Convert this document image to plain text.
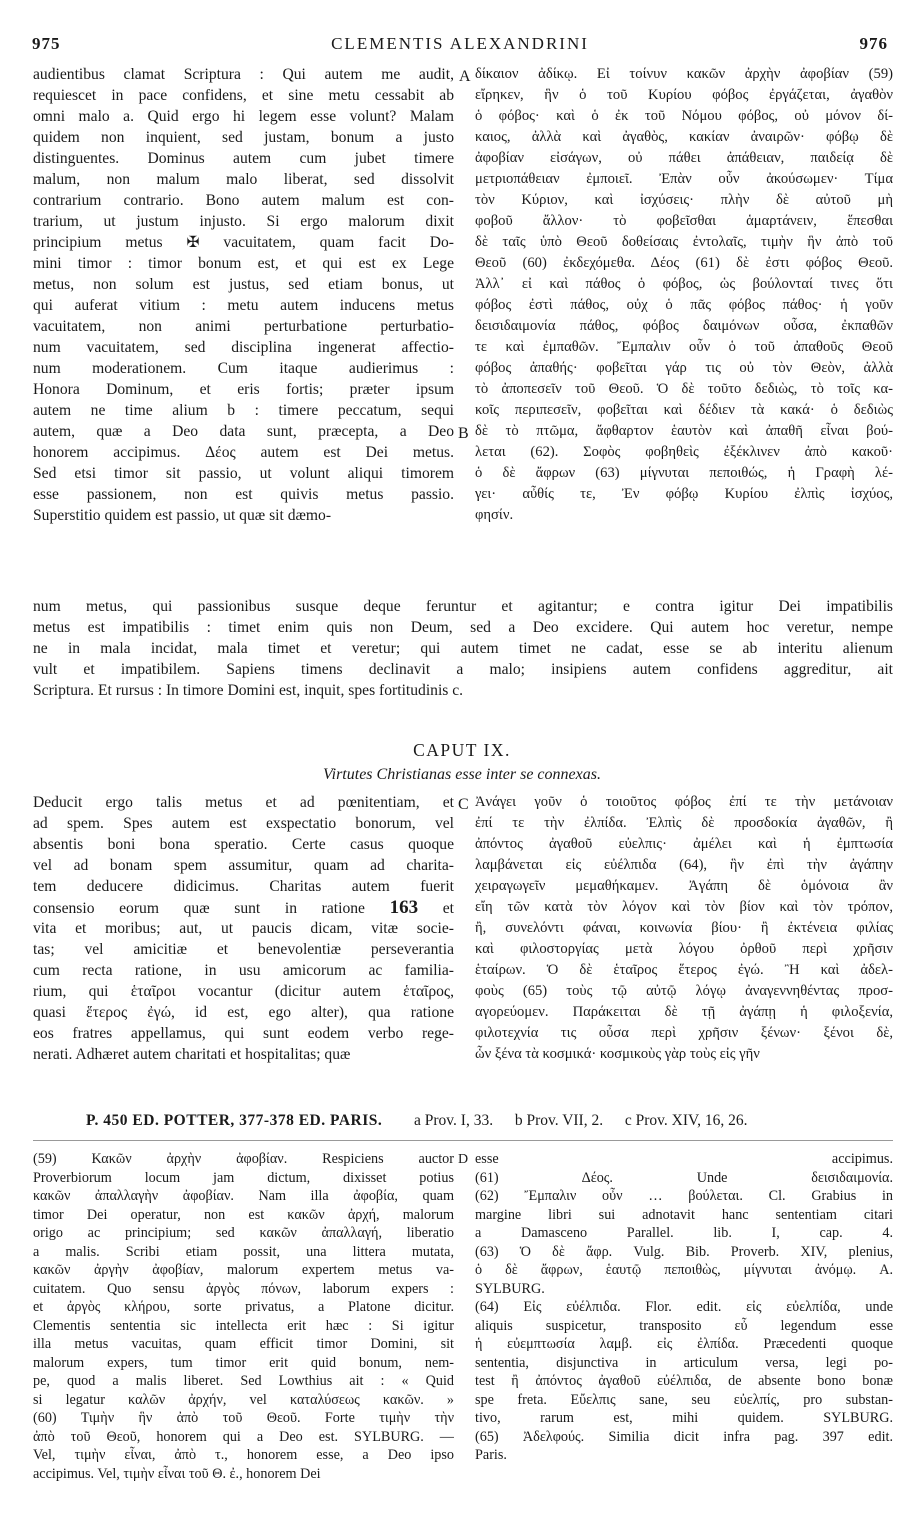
CLEMENTIS ALEXANDRINI
975	976
audientibus clamat Scriptura : Qui autem me audit,
requiescet in pace confidens, et sine metu cessabit ab
omni malo a. Quid ergo hi legem esse volunt? Malam
quidem non inquient, sed justam, bonum a justo
distinguentes. Dominus autem cum jubet timere
malum, non malum malo liberat, sed dissolvit
contrarium contrario. Bono autem malum est con-
trarium, ut justum injusto. Si ergo malorum dixit
principium metus ✠ vacuitatem, quam facit Do-
mini timor : timor bonum est, et qui est ex Lege
metus, non solum est justus, sed etiam bonus, ut
qui auferat vitium : metu autem inducens metus
vacuitatem, non animi perturbatione perturbatio-
num vacuitatem, sed disciplina ingenerat affectio-
num moderationem. Cum itaque audierimus :
Honora Dominum, et eris fortis; præter ipsum
autem ne time alium b : timere peccatum, sequi
autem, quæ a Deo data sunt, præcepta, a Deo
honorem accipimus. Δέος autem est Dei metus.
Sed etsi timor sit passio, ut volunt aliqui timorem
esse passionem, non est quivis metus passio.
Superstitio quidem est passio, ut quæ sit dæmo-
A δίκαιον ἀδίκῳ. Εἰ τοίνυν κακῶν ἀρχὴν ἀφοβίαν (59)
εἴρηκεν, ἣν ὁ τοῦ Κυρίου φόβος ἐργάζεται, ἀγαθὸν
ὁ φόβος· καὶ ὁ ἐκ τοῦ Νόμου φόβος, οὐ μόνον δί-
καιος, ἀλλὰ καὶ ἀγαθὸς, κακίαν ἀναιρῶν· φόβῳ δὲ
ἀφοβίαν εἰσάγων, οὐ πάθει ἀπάθειαν, παιδείᾳ δὲ
μετριοπάθειαν ἐμποιεῖ. Ἐπὰν οὖν ἀκούσωμεν· Τίμα
τὸν Κύριον, καὶ ἰσχύσεις· πλὴν δὲ αὐτοῦ μὴ
φοβοῦ ἄλλον· τὸ φοβεῖσθαι ἁμαρτάνειν, ἕπεσθαι
δὲ ταῖς ὑπὸ Θεοῦ δοθείσαις ἐντολαῖς, τιμὴν ἣν ἀπὸ τοῦ
Θεοῦ (60) ἐκδεχόμεθα. Δέος (61) δὲ ἐστι φόβος Θεοῦ.
Ἀλλ᾽ εἰ καὶ πάθος ὁ φόβος, ὡς βούλονταί τινες ὅτι
φόβος ἐστὶ πάθος, οὐχ ὁ πᾶς φόβος πάθος· ἡ γοῦν
δεισιδαιμονία πάθος, φόβος δαιμόνων οὖσα, ἐκπαθῶν
τε καὶ ἐμπαθῶν. Ἔμπαλιν οὖν ὁ τοῦ ἀπαθοῦς Θεοῦ
φόβος ἀπαθής· φοβεῖται γάρ τις οὐ τὸν Θεὸν, ἀλλὰ
τὸ ἀποπεσεῖν τοῦ Θεοῦ. Ὁ δὲ τοῦτο δεδιὼς, τὸ τοῖς κα-
κοῖς περιπεσεῖν, φοβεῖται καὶ δέδιεν τὰ κακά· ὁ δεδιὼς
δὲ τὸ πτῶμα, ἄφθαρτον ἑαυτὸν καὶ ἀπαθῆ εἶναι βού-
λεται (62). Σοφὸς φοβηθεὶς ἐξέκλινεν ἀπὸ κακοῦ·
ὁ δὲ ἄφρων (63) μίγνυται πεποιθώς, ἡ Γραφὴ λέ-
γει· αὖθίς τε, Ἐν φόβῳ Κυρίου ἐλπὶς ἰσχύος,
φησίν.
B
num metus, qui passionibus susque deque feruntur et agitantur; e contra igitur Dei impatibilis
metus est impatibilis : timet enim quis non Deum, sed a Deo excidere. Qui autem hoc veretur, nempe
ne in mala incidat, mala timet et veretur; qui autem timet ne cadat, esse se ab interitu alienum
vult et impatibilem. Sapiens timens declinavit a malo; insipiens autem confidens aggreditur, ait
Scriptura. Et rursus : In timore Domini est, inquit, spes fortitudinis c.
CAPUT IX.
Virtutes Christianas esse inter se connexas.
Deducit ergo talis metus et ad pœnitentiam, et
ad spem. Spes autem est exspectatio bonorum, vel
absentis boni bona speratio. Certe casus quoque
vel ad bonam spem assumitur, quam ad charita-
tem deducere didicimus. Charitas autem fuerit
consensio eorum quæ sunt in ratione 163 et
vita et moribus; aut, ut paucis dicam, vitæ socie-
tas; vel amicitiæ et benevolentiæ perseverantia
cum recta ratione, in usu amicorum ac familia-
rium, qui ἑταῖροι vocantur (dicitur autem ἑταῖρος,
quasi ἕτερος ἐγώ, id est, ego alter), qua ratione
eos fratres appellamus, qui sunt eodem verbo rege-
nerati. Adhæret autem charitati et hospitalitas; quæ
C Ἀνάγει γοῦν ὁ τοιοῦτος φόβος ἐπί τε τὴν μετάνοιαν
ἐπί τε τὴν ἐλπίδα. Ἐλπὶς δὲ προσδοκία ἀγαθῶν, ἢ
ἀπόντος ἀγαθοῦ εὐελπις· ἀμέλει καὶ ἡ ἐμπτωσία
λαμβάνεται εἰς εὐέλπιδα (64), ἣν ἐπὶ τὴν ἀγάπην
χειραγωγεῖν μεμαθήκαμεν. Ἀγάπη δὲ ὁμόνοια ἂν
εἴη τῶν κατὰ τὸν λόγον καὶ τὸν βίον καὶ τὸν τρόπον,
ἢ, συνελόντι φάναι, κοινωνία βίου· ἢ ἐκτένεια φιλίας
καὶ φιλοστοργίας μετὰ λόγου ὀρθοῦ περὶ χρῆσιν
ἑταίρων. Ὁ δὲ ἑταῖρος ἕτερος ἐγώ. Ἢ καὶ ἀδελ-
φοὺς (65) τοὺς τῷ αὐτῷ λόγῳ ἀναγεννηθέντας προσ-
αγορεύομεν. Παράκειται δὲ τῇ ἀγάπῃ ἡ φιλοξενία,
φιλοτεχνία τις οὖσα περὶ χρῆσιν ξένων· ξένοι δὲ,
ὧν ξένα τὰ κοσμικά· κοσμικοὺς γὰρ τοὺς εἰς γῆν
P. 450 ED. POTTER, 377-378 ED. PARIS. a Prov. I, 33. b Prov. VII, 2. c Prov. XIV, 16, 26.
(59) Κακῶν ἀρχὴν ἀφοβίαν. Respiciens auctor
Proverbiorum locum jam dictum, dixisset potius
κακῶν ἀπαλλαγὴν ἀφοβίαν. Nam illa ἀφοβία, quam
timor Dei operatur, non est κακῶν ἀρχή, malorum
origo ac principium; sed κακῶν ἀπαλλαγή, liberatio
a malis. Scribi etiam possit, una littera mutata,
κακῶν ἀργὴν ἀφοβίαν, malorum expertem metus va-
cuitatem. Quo sensu ἀργὸς πόνων, laborum expers :
et ἀργὸς κλήρου, sorte privatus, a Platone dicitur.
Clementis sententia sic intellecta erit hæc : Si igitur
illa metus vacuitas, quam efficit timor Domini, sit
malorum expers, tum timor erit quid bonum, nem-
pe, quod a malis liberet. Sed Lowthius ait : « Quid
si legatur καλῶν ἀρχήν, vel καταλύσεως κακῶν. »
(60) Τιμὴν ἣν ἀπὸ τοῦ Θεοῦ. Forte τιμὴν τὴν
ἀπὸ τοῦ Θεοῦ, honorem qui a Deo est. SYLBURG. —
Vel, τιμὴν εἶναι, ἀπὸ τ., honorem esse, a Deo ipso
accipimus. Vel, τιμὴν εἶναι τοῦ Θ. ἐ., honorem Dei
D esse accipimus.
(61) Δέος. Unde δεισιδαιμονία.
(62) Ἔμπαλιν οὖν … βούλεται. Cl. Grabius in
margine libri sui adnotavit hanc sententiam citari
a Damasceno Parallel. lib. I, cap. 4.
(63) Ὁ δὲ ἄφρ. Vulg. Bib. Proverb. XIV, plenius,
ὁ δὲ ἄφρων, ἑαυτῷ πεποιθὼς, μίγνυται ἀνόμῳ. A.
SYLBURG.
(64) Εἰς εὐέλπιδα. Flor. edit. εἰς εὐελπίδα, unde
aliquis suspicetur, transposito εὖ legendum esse
ἡ εὐεμπτωσία λαμβ. εἰς ἐλπίδα. Præcedenti quoque
sententia, disjunctiva in articulum versa, legi po-
test ἢ ἀπόντος ἀγαθοῦ εὐέλπιδα, de absente bono bonæ
spe freta. Εὔελπις sane, seu εὐελπίς, pro substan-
tivo, rarum est, mihi quidem. SYLBURG.
(65) Ἀδελφούς. Similia dicit infra pag. 397 edit.
Paris.
